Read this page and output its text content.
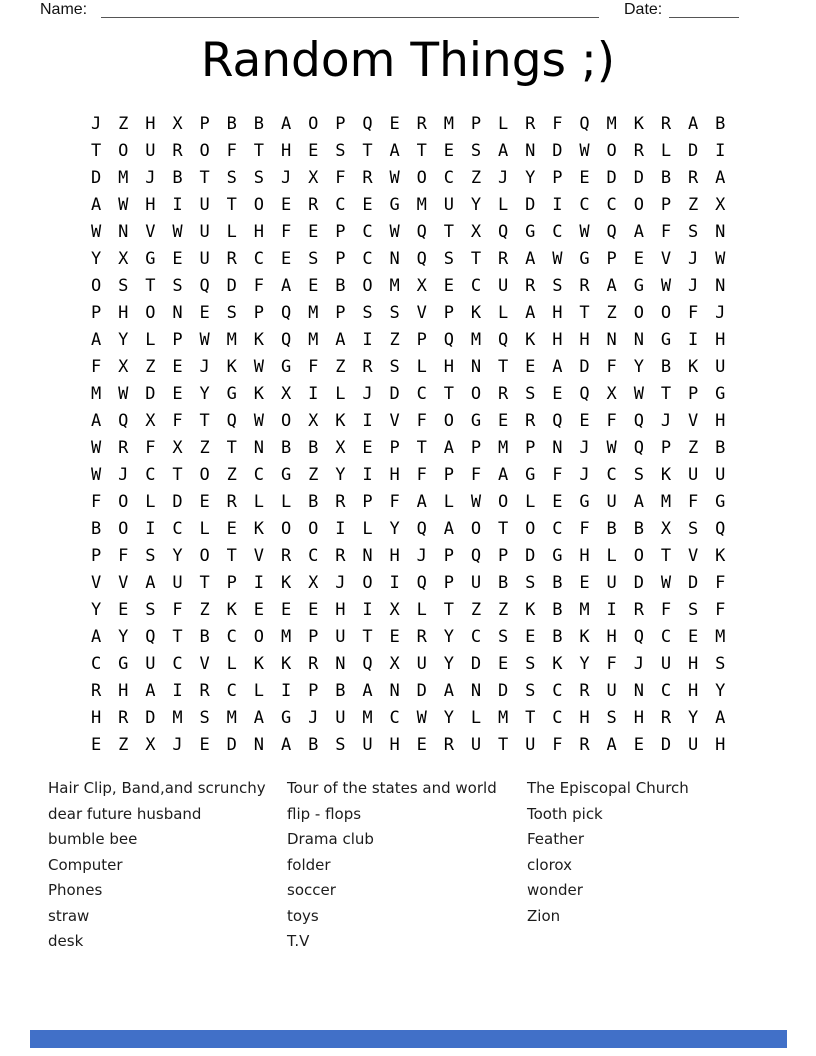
Name:	Date:
Random Things ;)
JZHXPBBAOPQERMPLRFQMKRAB
TOUROFTHESTATESANDWORLDI
DMJBTSSJXFRWOCZJYPEDDBRA
AWHIUTOERCEGMUYLDICCOPZX
WNVWULHFEPCWQTXQGCWQAFSN
YXGEURCESPCNQSTRAWGPEVJW
OSTSQDFAEBOMXECURSRAGWJN
PHONESPQMPSSVPKLAHTZOOFJ
AYLPWMKQMAIZPQMQKHHNNGIH
FXZEJKWGFZRSLHNTEADFYBKU
MWDEYGKXILJDCTORSEQXWTPG
AQXFTQWOXKIVFOGERQEFQJVH
WRFXZTNBBXEPTAPMPNJWQPZB
WJCTOZCGZYIHFPFAGFJCSKUU
FOLDERLLBRPFALWOLEGUAMFG
BOICLEKOOILYQAOTOCFBBXSQ
PFSYOTVRCRNHJPQPDGHLOTVK
VVAUTPIKXJOIQPUBSBEUDWDF
YESFZKEEEHIXLTZZKBMIRFSF
AYQTBCOMPUTERYCSEBKHQCEM
CGUCVLKKRNQXUYDESKYFJUHS
RHAIRCLIPBANDANDSCRUNCHY
HRDMSMAGJUMCWYLMTCHSHRYA
EZXJEDNABSUHERUTUFRAEDUH
Hair Clip, Band,and scrunchy
dear future husband
bumble bee
Computer
Phones
straw
desk
Tour of the states and world
flip - flops
Drama club
folder
soccer
toys
T.V
The Episcopal Church
Tooth pick
Feather
clorox
wonder
Zion
